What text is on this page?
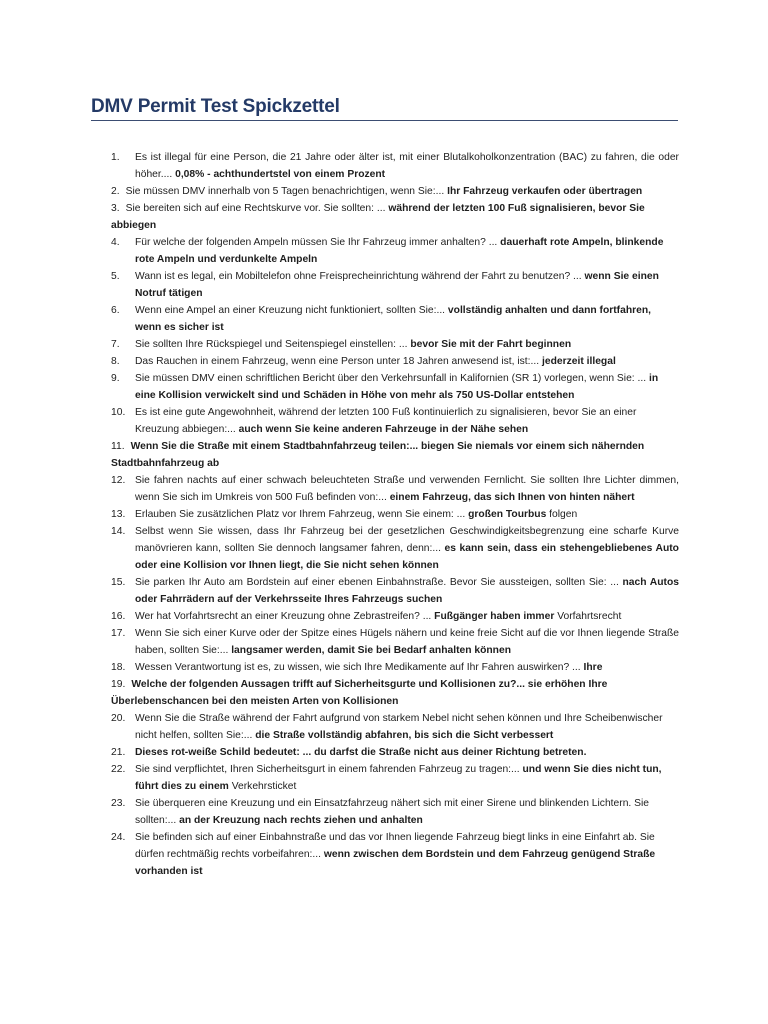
DMV Permit Test Spickzettel
1. Es ist illegal für eine Person, die 21 Jahre oder älter ist, mit einer Blutalkoholkonzentration (BAC) zu fahren, die oder höher.... 0,08% - achthundertstel von einem Prozent
2. Sie müssen DMV innerhalb von 5 Tagen benachrichtigen, wenn Sie:... Ihr Fahrzeug verkaufen oder übertragen
3. Sie bereiten sich auf eine Rechtskurve vor. Sie sollten: ... während der letzten 100 Fuß signalisieren, bevor Sie abbiegen
4. Für welche der folgenden Ampeln müssen Sie Ihr Fahrzeug immer anhalten? ... dauerhaft rote Ampeln, blinkende rote Ampeln und verdunkelte Ampeln
5. Wann ist es legal, ein Mobiltelefon ohne Freisprecheinrichtung während der Fahrt zu benutzen? ... wenn Sie einen Notruf tätigen
6. Wenn eine Ampel an einer Kreuzung nicht funktioniert, sollten Sie:... vollständig anhalten und dann fortfahren, wenn es sicher ist
7. Sie sollten Ihre Rückspiegel und Seitenspiegel einstellen: ... bevor Sie mit der Fahrt beginnen
8. Das Rauchen in einem Fahrzeug, wenn eine Person unter 18 Jahren anwesend ist, ist:... jederzeit illegal
9. Sie müssen DMV einen schriftlichen Bericht über den Verkehrsunfall in Kalifornien (SR 1) vorlegen, wenn Sie: ... in eine Kollision verwickelt sind und Schäden in Höhe von mehr als 750 US-Dollar entstehen
10. Es ist eine gute Angewohnheit, während der letzten 100 Fuß kontinuierlich zu signalisieren, bevor Sie an einer Kreuzung abbiegen:... auch wenn Sie keine anderen Fahrzeuge in der Nähe sehen
11. Wenn Sie die Straße mit einem Stadtbahnfahrzeug teilen:... biegen Sie niemals vor einem sich nähernden Stadtbahnfahrzeug ab
12. Sie fahren nachts auf einer schwach beleuchteten Straße und verwenden Fernlicht. Sie sollten Ihre Lichter dimmen, wenn Sie sich im Umkreis von 500 Fuß befinden von:... einem Fahrzeug, das sich Ihnen von hinten nähert
13. Erlauben Sie zusätzlichen Platz vor Ihrem Fahrzeug, wenn Sie einem: ... großen Tourbus folgen
14. Selbst wenn Sie wissen, dass Ihr Fahrzeug bei der gesetzlichen Geschwindigkeitsbegrenzung eine scharfe Kurve manövrieren kann, sollten Sie dennoch langsamer fahren, denn:... es kann sein, dass ein stehengebliebenes Auto oder eine Kollision vor Ihnen liegt, die Sie nicht sehen können
15. Sie parken Ihr Auto am Bordstein auf einer ebenen Einbahnstraße. Bevor Sie aussteigen, sollten Sie: ... nach Autos oder Fahrrädern auf der Verkehrsseite Ihres Fahrzeugs suchen
16. Wer hat Vorfahrtsrecht an einer Kreuzung ohne Zebrastreifen? ... Fußgänger haben immer Vorfahrtsrecht
17. Wenn Sie sich einer Kurve oder der Spitze eines Hügels nähern und keine freie Sicht auf die vor Ihnen liegende Straße haben, sollten Sie:... langsamer werden, damit Sie bei Bedarf anhalten können
18. Wessen Verantwortung ist es, zu wissen, wie sich Ihre Medikamente auf Ihr Fahren auswirken? ... Ihre
19. Welche der folgenden Aussagen trifft auf Sicherheitsgurte und Kollisionen zu?... sie erhöhen Ihre Überlebenschancen bei den meisten Arten von Kollisionen
20. Wenn Sie die Straße während der Fahrt aufgrund von starkem Nebel nicht sehen können und Ihre Scheibenwischer nicht helfen, sollten Sie:... die Straße vollständig abfahren, bis sich die Sicht verbessert
21. Dieses rot-weiße Schild bedeutet: ... du darfst die Straße nicht aus deiner Richtung betreten.
22. Sie sind verpflichtet, Ihren Sicherheitsgurt in einem fahrenden Fahrzeug zu tragen:... und wenn Sie dies nicht tun, führt dies zu einem Verkehrsticket
23. Sie überqueren eine Kreuzung und ein Einsatzfahrzeug nähert sich mit einer Sirene und blinkenden Lichtern. Sie sollten:... an der Kreuzung nach rechts ziehen und anhalten
24. Sie befinden sich auf einer Einbahnstraße und das vor Ihnen liegende Fahrzeug biegt links in eine Einfahrt ab. Sie dürfen rechtmäßig rechts vorbeifahren:... wenn zwischen dem Bordstein und dem Fahrzeug genügend Straße vorhanden ist
